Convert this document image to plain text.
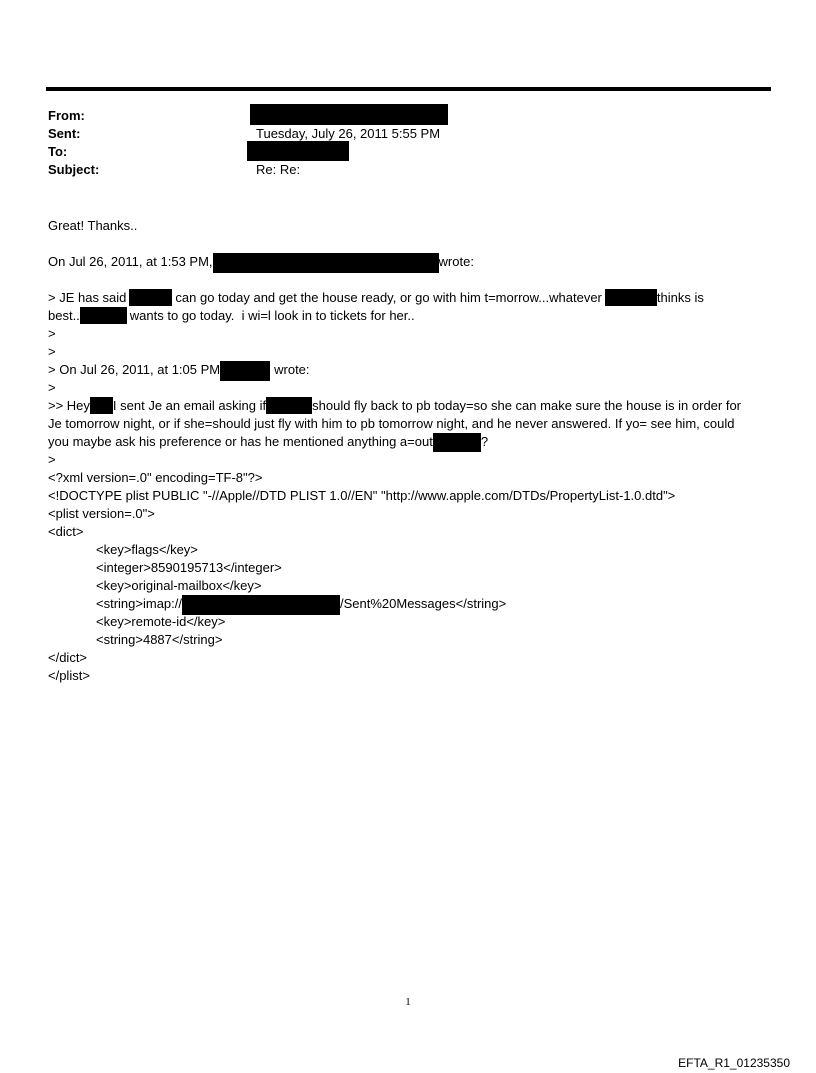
From:
Sent:	Tuesday, July 26, 2011 5:55 PM
To:
Subject:	Re: Re:
Great! Thanks..
On Jul 26, 2011, at 1:53 PM,	wrote:
> JE has said	can go today and get the house ready, or go with him t=morrow...whatever	thinks is
best..	wants to go today.  i wi=l look in to tickets for her..
>
>
> On Jul 26, 2011, at 1:05 PM	wrote:
>
>> Hey I sent Je an email asking if	should fly back to pb today=so she can make sure the house is in order for
Je tomorrow night, or if she=should just fly with him to pb tomorrow night, and he never answered. If yo= see him, could
you maybe ask his preference or has he mentioned anything a=out	?
>
<?xml version=.0" encoding=TF-8"?>
<!DOCTYPE plist PUBLIC "-//Apple//DTD PLIST 1.0//EN" "http://www.apple.com/DTDs/PropertyList-1.0.dtd">
<plist version=.0">
<dict>
<key>flags</key>
<integer>8590195713</integer>
<key>original-mailbox</key>
<string>imap://	/Sent%20Messages</string>
<key>remote-id</key>
<string>4887</string>
</dict>
</plist>
1
EFTA_R1_01235350
